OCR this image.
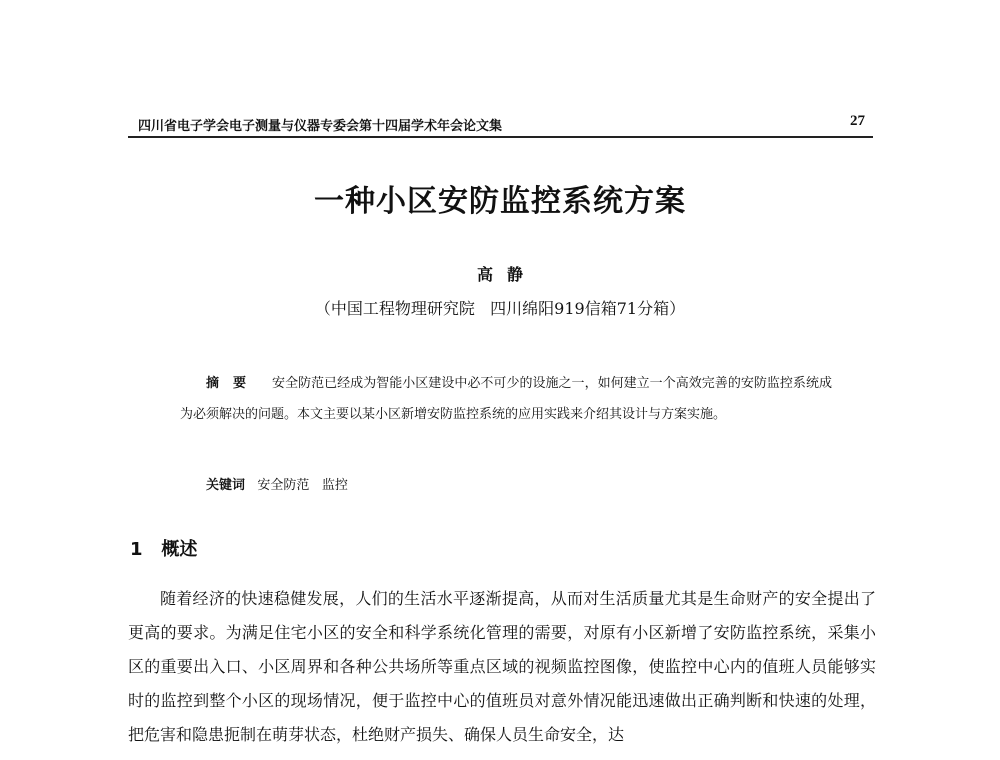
四川省电子学会电子测量与仪器专委会第十四届学术年会论文集	27
一种小区安防监控系统方案
高静
（中国工程物理研究院   四川绵阳919信箱71分箱）
摘要 安全防范已经成为智能小区建设中必不可少的设施之一，如何建立一个高效完善的安防监控系统成为必须解决的问题。本文主要以某小区新增安防监控系统的应用实践来介绍其设计与方案实施。
关键词 安全防范   监控
1   概述
随着经济的快速稳健发展，人们的生活水平逐渐提高，从而对生活质量尤其是生命财产的安全提出了更高的要求。为满足住宅小区的安全和科学系统化管理的需要，对原有小区新增了安防监控系统，采集小区的重要出入口、小区周界和各种公共场所等重点区域的视频监控图像，使监控中心内的值班人员能够实时的监控到整个小区的现场情况，便于监控中心的值班员对意外情况能迅速做出正确判断和快速的处理，把危害和隐患扼制在萌芽状态，杜绝财产损失、确保人员生命安全，达
